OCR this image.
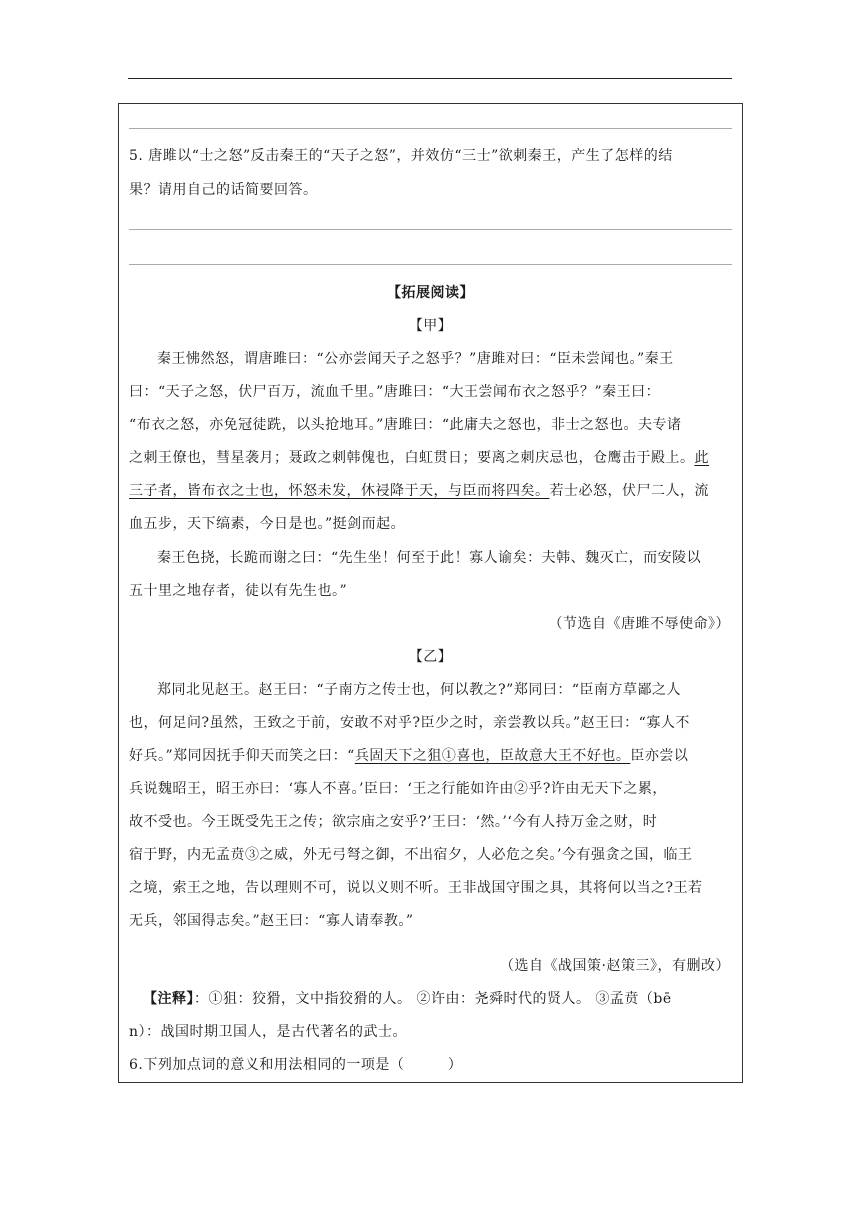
5. 唐雎以“士之怒”反击秦王的“天子之怒”，并效仿“三士”欲刺秦王，产生了怎样的结
果？请用自己的话简要回答。
【拓展阅读】
【甲】
秦王怫然怒，谓唐雎曰：“公亦尝闻天子之怒乎？”唐雎对曰：“臣未尝闻也。”秦王
曰：“天子之怒，伏尸百万，流血千里。”唐雎曰：“大王尝闻布衣之怒乎？”秦王曰：
“布衣之怒，亦免冠徒跣，以头抢地耳。”唐雎曰：“此庸夫之怒也，非士之怒也。夫专诸
之刺王僚也，彗星袭月；聂政之刺韩傀也，白虹贯日；要离之刺庆忌也，仓鹰击于殿上。此
三子者，皆布衣之士也，怀怒未发，休祲降于天，与臣而将四矣。若士必怒，伏尸二人，流
血五步，天下缟素，今日是也。”挺剑而起。
秦王色挠，长跪而谢之曰：“先生坐！何至于此！寡人谕矣：夫韩、魏灭亡，而安陵以
五十里之地存者，徒以有先生也。”
（节选自《唐雎不辱使命》）
【乙】
郑同北见赵王。赵王曰：“子南方之传士也，何以教之?”郑同曰：“臣南方草鄙之人
也，何足问?虽然，王致之于前，安敢不对乎?臣少之时，亲尝教以兵。”赵王曰：“寡人不
好兵。”郑同因抚手仰天而笑之曰：“兵固天下之狙①喜也，臣故意大王不好也。臣亦尝以
兵说魏昭王，昭王亦曰：‘寡人不喜。’臣曰：‘王之行能如许由②乎?许由无天下之累，
故不受也。今王既受先王之传；欲宗庙之安乎?’王曰：‘然。’‘今有人持万金之财，时
宿于野，内无孟贲③之威，外无弓弩之御，不出宿夕，人必危之矣。’今有强贪之国，临王
之境，索王之地，告以理则不可，说以义则不听。王非战国守围之具，其将何以当之?王若
无兵，邻国得志矣。”赵王曰：“寡人请奉教。”
（选自《战国策·赵策三》，有删改）
【注释】：①狙：狡猾，文中指狡猾的人。 ②许由：尧舜时代的贤人。 ③孟贲（bē
n）：战国时期卫国人，是古代著名的武士。
6.下列加点词的意义和用法相同的一项是（　　　）
